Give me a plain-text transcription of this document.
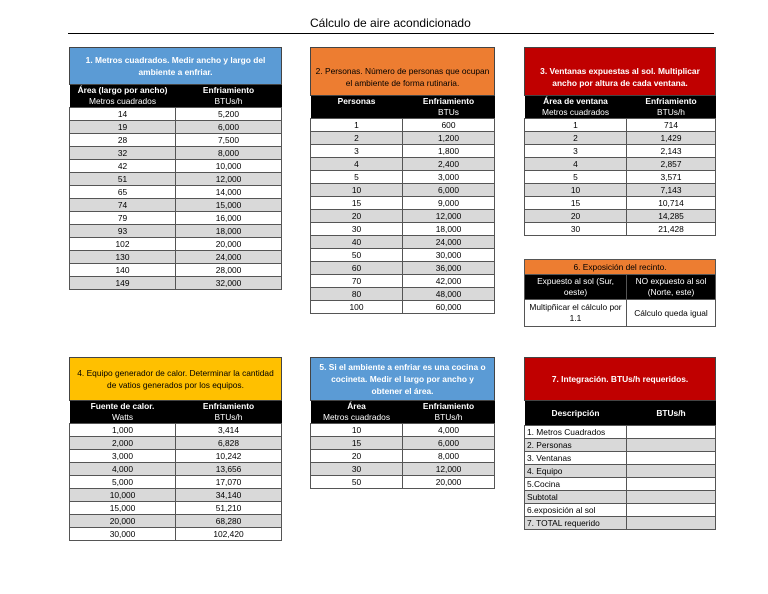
Cálculo de aire acondicionado
1. Metros cuadrados. Medir ancho y largo del ambiente a enfriar.	
Área (largo por ancho)	Enfriamiento
Metros cuadrados	BTUs/h
14	5,200
19	6,000
28	7,500
32	8,000
42	10,000
51	12,000
65	14,000
74	15,000
79	16,000
93	18,000
102	20,000
130	24,000
140	28,000
149	32,000
2. Personas. Número de personas que ocupan el ambiente de forma rutinaria.	
Personas	Enfriamiento
	BTUs
1	600
2	1,200
3	1,800
4	2,400
5	3,000
10	6,000
15	9,000
20	12,000
30	18,000
40	24,000
50	30,000
60	36,000
70	42,000
80	48,000
100	60,000
3. Ventanas expuestas al sol. Multiplicar ancho por altura de cada ventana.	
Área de ventana	Enfriamiento
Metros cuadrados	BTUs/h
1	714
2	1,429
3	2,143
4	2,857
5	3,571
10	7,143
15	10,714
20	14,285
30	21,428
6. Exposición del recinto.	
Expuesto al sol (Sur, oeste)	NO expuesto al sol (Norte, este)
Multipñicar el cálculo por 1.1	Cálculo queda igual
4. Equipo generador de calor. Determinar la cantidad de vatios generados por los equipos.	
Fuente de calor.	Enfriamiento
Watts	BTUs/h
1,000	3,414
2,000	6,828
3,000	10,242
4,000	13,656
5,000	17,070
10,000	34,140
15,000	51,210
20,000	68,280
30,000	102,420
5. Si el ambiente a enfriar es una cocina o cocineta. Medir el largo por ancho y obtener el área.	
Área	Enfriamiento
Metros cuadrados	BTUs/h
10	4,000
15	6,000
20	8,000
30	12,000
50	20,000
7. Integración. BTUs/h requeridos.	
Descripción	BTUs/h
1. Metros Cuadrados	
2. Personas	
3. Ventanas	
4. Equipo	
5.Cocina	
Subtotal	
6.exposición al sol	
7. TOTAL requerido	
